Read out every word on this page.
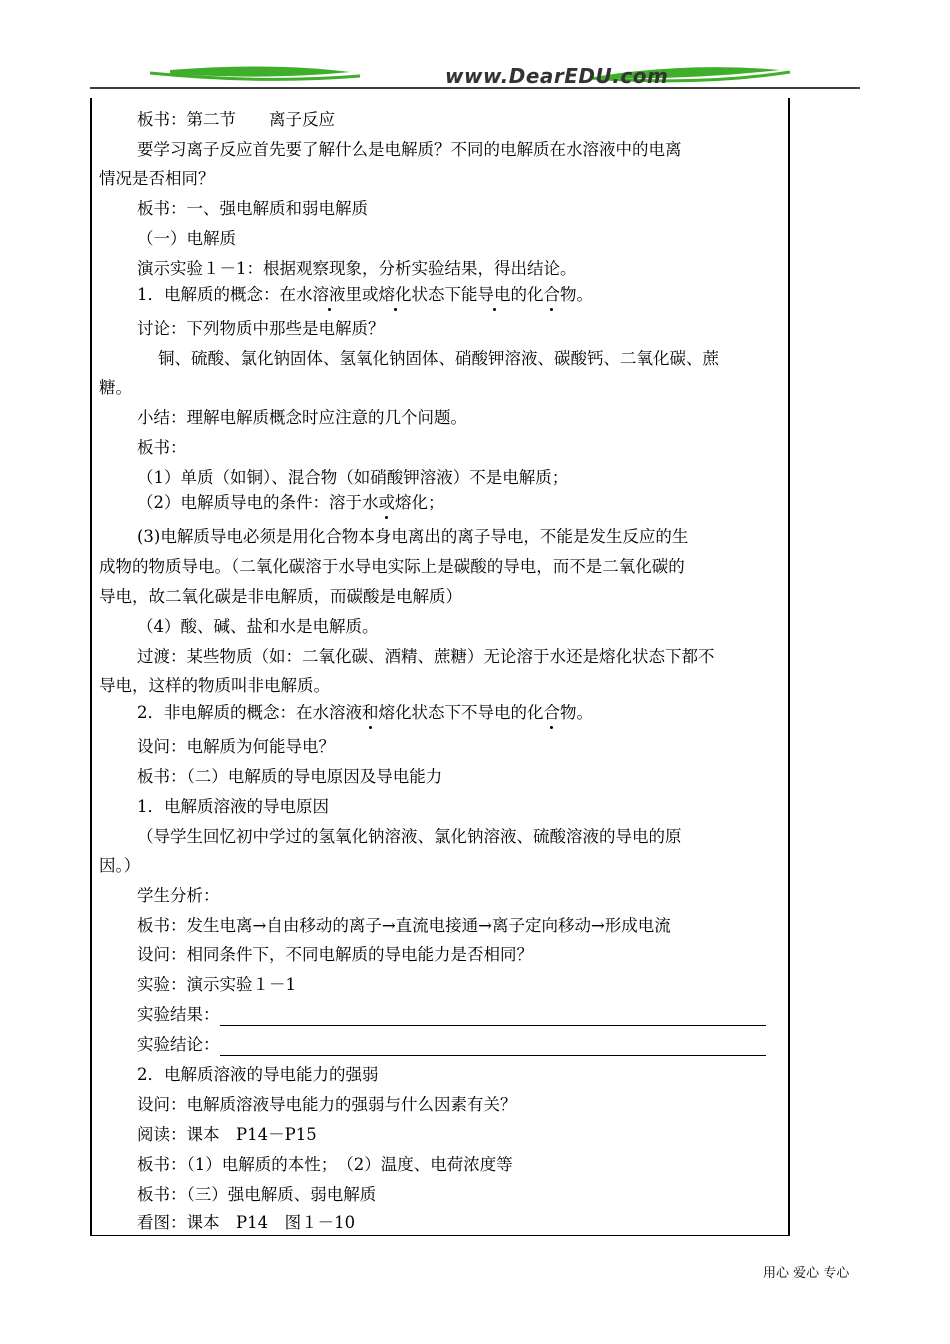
www.DearEDU.com
板书：第二节　　离子反应
要学习离子反应首先要了解什么是电解质？不同的电解质在水溶液中的电离
情况是否相同？
板书：一、强电解质和弱电解质
（一）电解质
演示实验１－1：根据观察现象，分析实验结果，得出结论。
1．电解质的概念：在水溶液里或熔化状态下能导电的化合物。
讨论：下列物质中那些是电解质？
铜、硫酸、氯化钠固体、氢氧化钠固体、硝酸钾溶液、碳酸钙、二氧化碳、蔗
糖。
小结：理解电解质概念时应注意的几个问题。
板书：
（1）单质（如铜）、混合物（如硝酸钾溶液）不是电解质；
（2）电解质导电的条件：溶于水或熔化；
(3)电解质导电必须是用化合物本身电离出的离子导电，不能是发生反应的生
成物的物质导电。（二氧化碳溶于水导电实际上是碳酸的导电，而不是二氧化碳的
导电，故二氧化碳是非电解质，而碳酸是电解质）
（4）酸、碱、盐和水是电解质。
过渡：某些物质（如：二氧化碳、酒精、蔗糖）无论溶于水还是熔化状态下都不
导电，这样的物质叫非电解质。
2．非电解质的概念：在水溶液和熔化状态下不导电的化合物。
设问：电解质为何能导电？
板书：（二）电解质的导电原因及导电能力
1．电解质溶液的导电原因
（导学生回忆初中学过的氢氧化钠溶液、氯化钠溶液、硫酸溶液的导电的原
因。）
学生分析：
板书：发生电离→自由移动的离子→直流电接通→离子定向移动→形成电流
设问：相同条件下，不同电解质的导电能力是否相同？
实验：演示实验１－1
实验结果：
实验结论：
2．电解质溶液的导电能力的强弱
设问：电解质溶液导电能力的强弱与什么因素有关？
阅读：课本　P14－P15
板书：（1）电解质的本性；　（2）温度、电荷浓度等
板书：（三）强电解质、弱电解质
看图：课本　P14　图１－10
用心 爱心 专心
